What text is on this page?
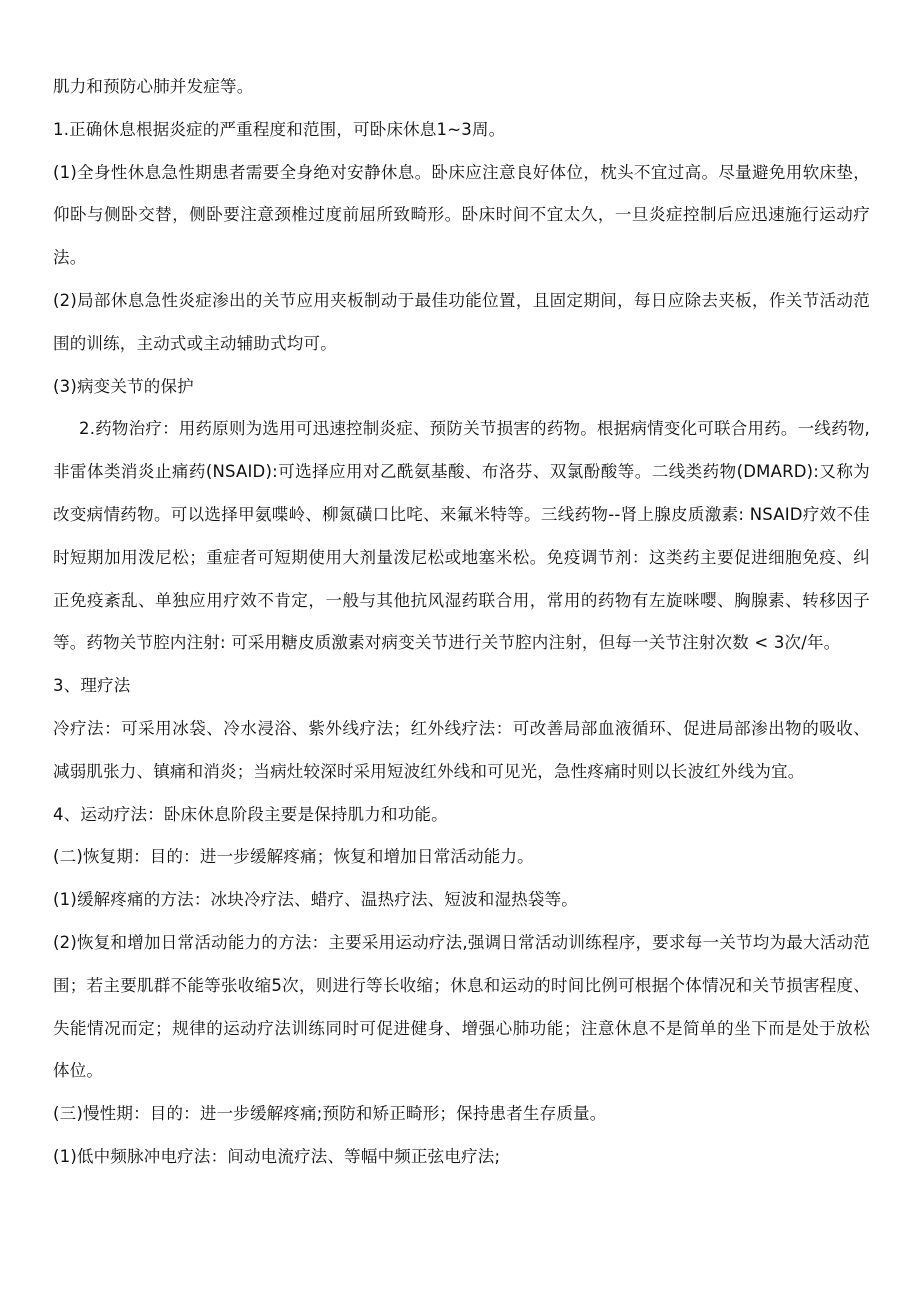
肌力和预防心肺并发症等。

1.正确休息根据炎症的严重程度和范围，可卧床休息1~3周。

(1)全身性休息急性期患者需要全身绝对安静休息。卧床应注意良好体位，枕头不宜过高。尽量避免用软床垫，仰卧与侧卧交替，侧卧要注意颈椎过度前屈所致畸形。卧床时间不宜太久，一旦炎症控制后应迅速施行运动疗法。

(2)局部休息急性炎症渗出的关节应用夹板制动于最佳功能位置，且固定期间，每日应除去夹板，作关节活动范围的训练，主动式或主动辅助式均可。

(3)病变关节的保护

2.药物治疗：用药原则为选用可迅速控制炎症、预防关节损害的药物。根据病情变化可联合用药。一线药物,非雷体类消炎止痛药(NSAID):可选择应用对乙酰氨基酸、布洛芬、双氯酚酸等。二线类药物(DMARD):又称为改变病情药物。可以选择甲氨喋岭、柳氮磺口比咤、来氟米特等。三线药物--肾上腺皮质激素: NSAID疗效不佳时短期加用泼尼松；重症者可短期使用大剂量泼尼松或地塞米松。免疫调节剂：这类药主要促进细胞免疫、纠正免疫紊乱、单独应用疗效不肯定，一般与其他抗风湿药联合用，常用的药物有左旋咪嘤、胸腺素、转移因子等。药物关节腔内注射: 可采用糖皮质激素对病变关节进行关节腔内注射，但每一关节注射次数 < 3次/年。

3、理疗法

冷疗法：可采用冰袋、冷水浸浴、紫外线疗法；红外线疗法：可改善局部血液循环、促进局部渗出物的吸收、减弱肌张力、镇痛和消炎；当病灶较深时采用短波红外线和可见光，急性疼痛时则以长波红外线为宜。

4、运动疗法：卧床休息阶段主要是保持肌力和功能。

(二)恢复期：目的：进一步缓解疼痛；恢复和增加日常活动能力。

(1)缓解疼痛的方法：冰块冷疗法、蜡疗、温热疗法、短波和湿热袋等。

(2)恢复和增加日常活动能力的方法：主要采用运动疗法,强调日常活动训练程序，要求每一关节均为最大活动范围；若主要肌群不能等张收缩5次，则进行等长收缩；休息和运动的时间比例可根据个体情况和关节损害程度、失能情况而定；规律的运动疗法训练同时可促进健身、增强心肺功能；注意休息不是简单的坐下而是处于放松体位。

(三)慢性期：目的：进一步缓解疼痛;预防和矫正畸形；保持患者生存质量。

(1)低中频脉冲电疗法：间动电流疗法、等幅中频正弦电疗法;
